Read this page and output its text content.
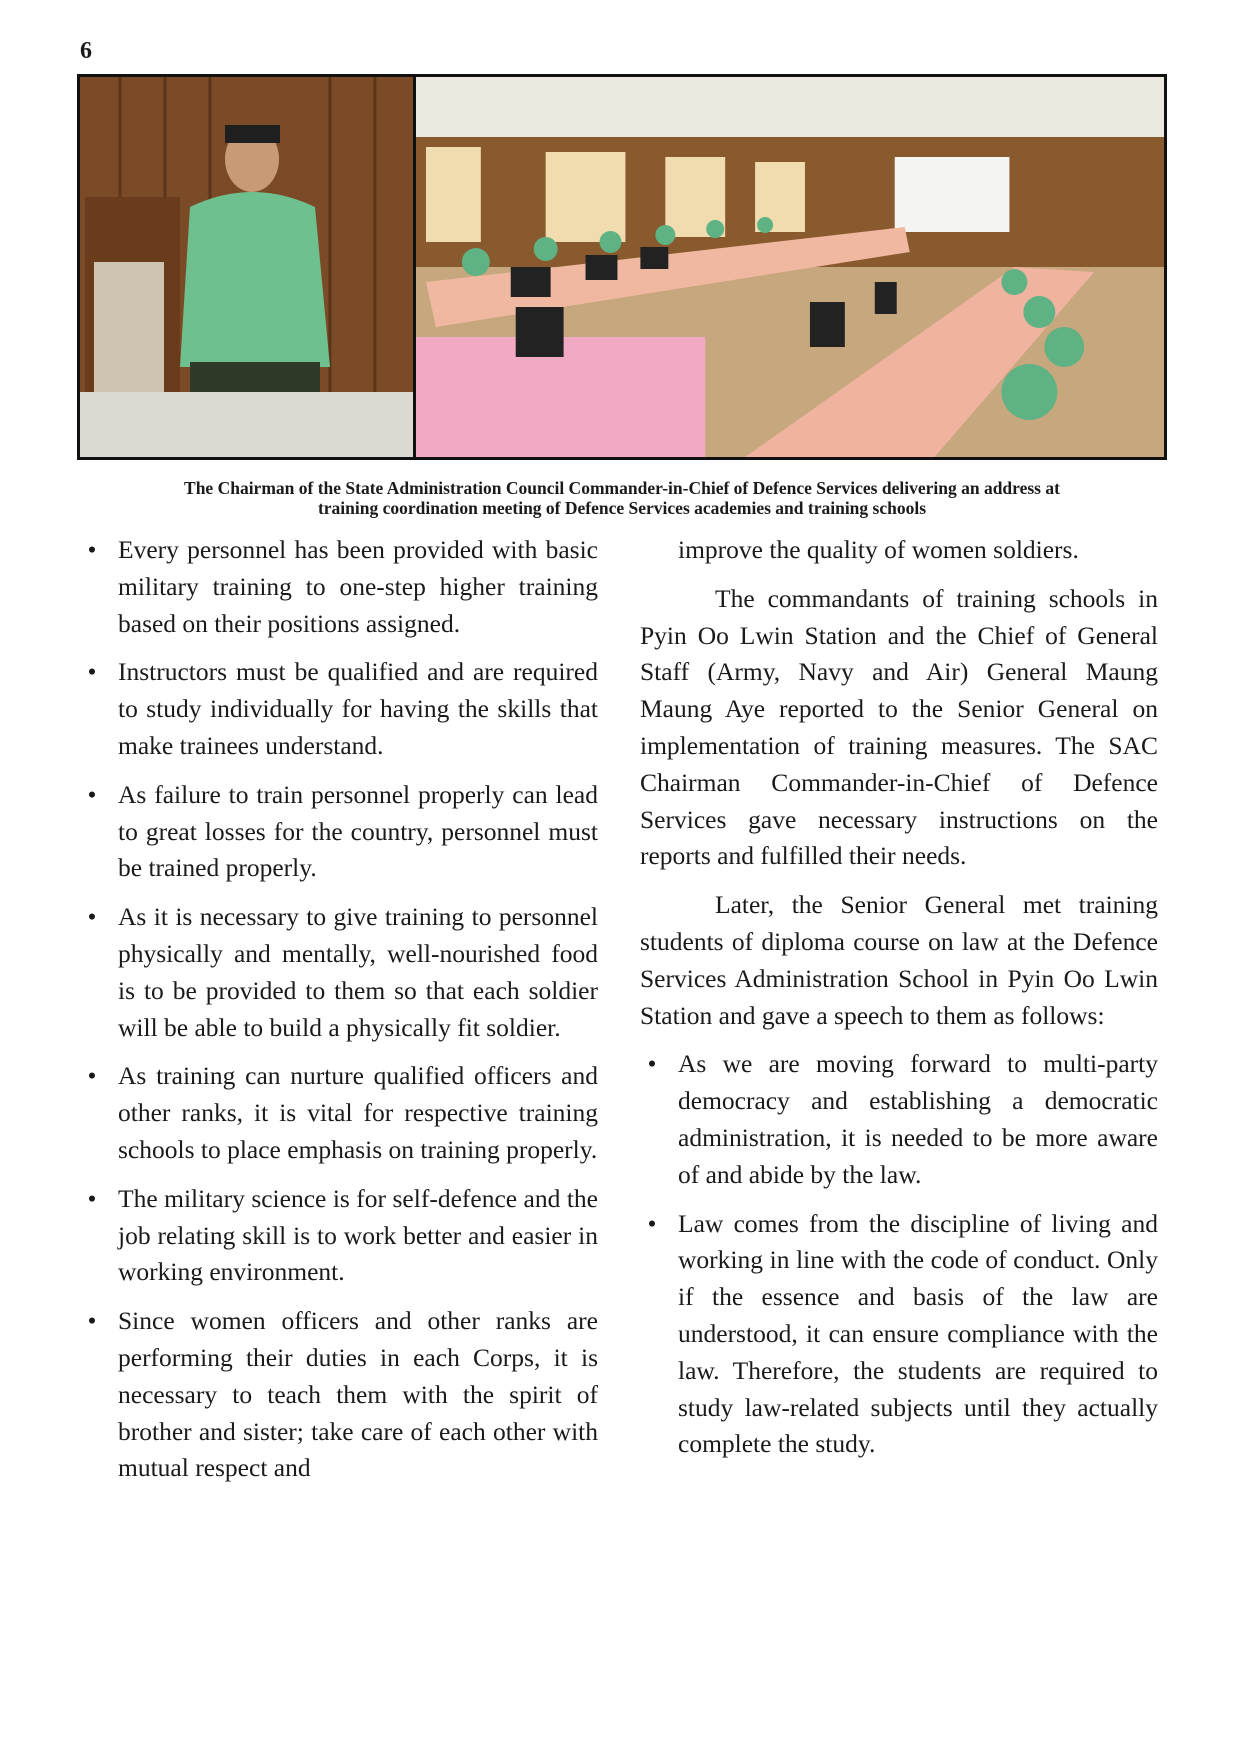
6
The Chairman of the State Administration Council Commander-in-Chief of Defence Services delivering an address at
training coordination meeting of Defence Services academies and training schools
• Every personnel has been provided with basic military training to one-step higher training based on their positions assigned.
• Instructors must be qualified and are required to study individually for having the skills that make trainees understand.
• As failure to train personnel properly can lead to great losses for the country, personnel must be trained properly.
• As it is necessary to give training to personnel physically and mentally, well-nourished food is to be provided to them so that each soldier will be able to build a physically fit soldier.
• As training can nurture qualified officers and other ranks, it is vital for respective training schools to place emphasis on training properly.
• The military science is for self-defence and the job relating skill is to work better and easier in working environment.
• Since women officers and other ranks are performing their duties in each Corps, it is necessary to teach them with the spirit of brother and sister; take care of each other with mutual respect and
improve the quality of women soldiers.

The commandants of training schools in Pyin Oo Lwin Station and the Chief of General Staff (Army, Navy and Air) General Maung Maung Aye reported to the Senior General on implementation of training measures. The SAC Chairman Commander-in-Chief of Defence Services gave necessary instructions on the reports and fulfilled their needs.

Later, the Senior General met training students of diploma course on law at the Defence Services Administration School in Pyin Oo Lwin Station and gave a speech to them as follows:

• As we are moving forward to multi-party democracy and establishing a democratic administration, it is needed to be more aware of and abide by the law.
• Law comes from the discipline of living and working in line with the code of conduct. Only if the essence and basis of the law are understood, it can ensure compliance with the law. Therefore, the students are required to study law-related subjects until they actually complete the study.
